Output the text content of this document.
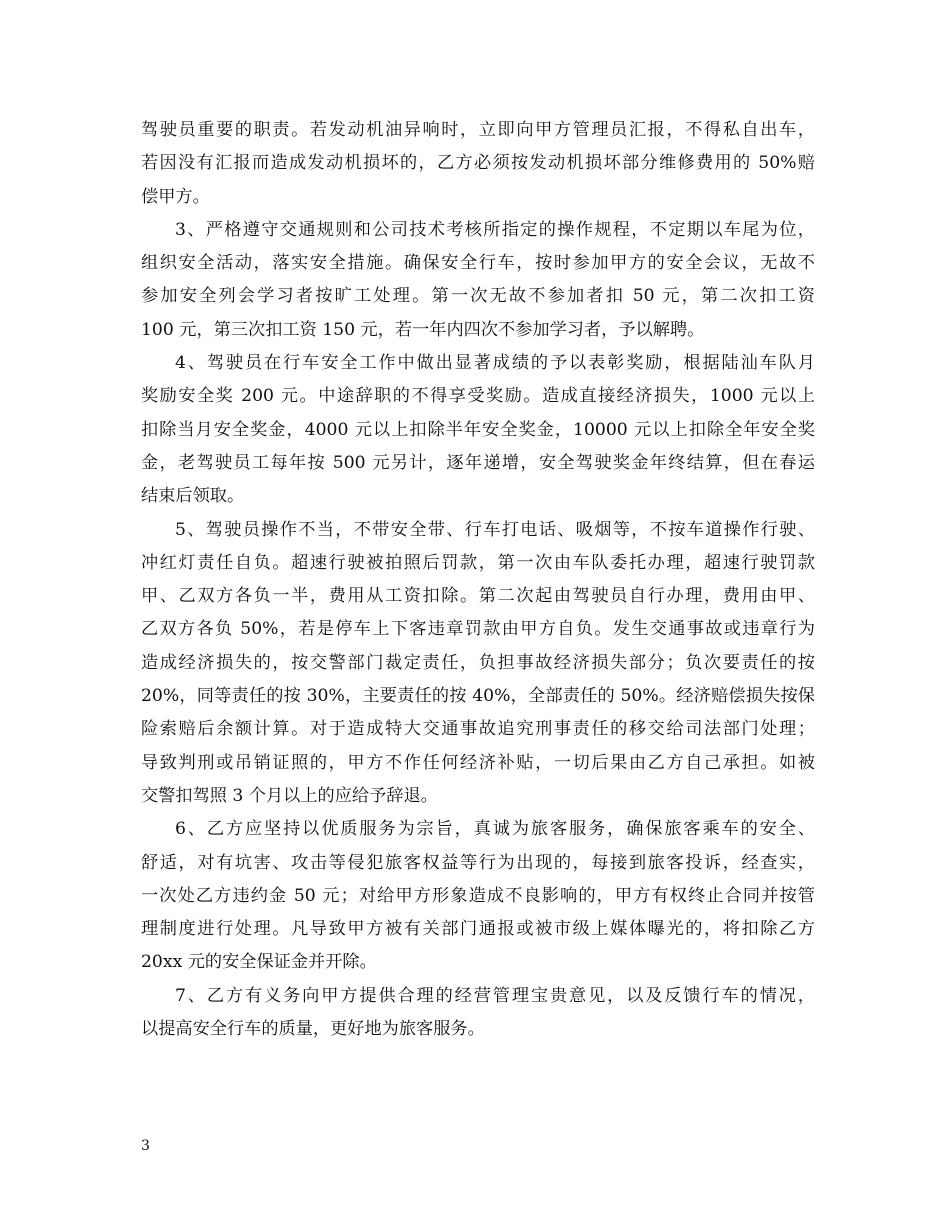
驾驶员重要的职责。若发动机油异响时，立即向甲方管理员汇报，不得私自出车，
若因没有汇报而造成发动机损坏的，乙方必须按发动机损坏部分维修费用的 50%赔
偿甲方。
3、严格遵守交通规则和公司技术考核所指定的操作规程，不定期以车尾为位，
组织安全活动，落实安全措施。确保安全行车，按时参加甲方的安全会议，无故不
参加安全列会学习者按旷工处理。第一次无故不参加者扣 50 元，第二次扣工资
100 元，第三次扣工资 150 元，若一年内四次不参加学习者，予以解聘。
4、驾驶员在行车安全工作中做出显著成绩的予以表彰奖励，根据陆汕车队月
奖励安全奖 200 元。中途辞职的不得享受奖励。造成直接经济损失，1000 元以上
扣除当月安全奖金，4000 元以上扣除半年安全奖金，10000 元以上扣除全年安全奖
金，老驾驶员工每年按 500 元另计，逐年递增，安全驾驶奖金年终结算，但在春运
结束后领取。
5、驾驶员操作不当，不带安全带、行车打电话、吸烟等，不按车道操作行驶、
冲红灯责任自负。超速行驶被拍照后罚款，第一次由车队委托办理，超速行驶罚款
甲、乙双方各负一半，费用从工资扣除。第二次起由驾驶员自行办理，费用由甲、
乙双方各负 50%，若是停车上下客违章罚款由甲方自负。发生交通事故或违章行为
造成经济损失的，按交警部门裁定责任，负担事故经济损失部分；负次要责任的按
20%，同等责任的按 30%，主要责任的按 40%，全部责任的 50%。经济赔偿损失按保
险索赔后余额计算。对于造成特大交通事故追究刑事责任的移交给司法部门处理；
导致判刑或吊销证照的，甲方不作任何经济补贴，一切后果由乙方自己承担。如被
交警扣驾照 3 个月以上的应给予辞退。
6、乙方应坚持以优质服务为宗旨，真诚为旅客服务，确保旅客乘车的安全、
舒适，对有坑害、攻击等侵犯旅客权益等行为出现的，每接到旅客投诉，经查实，
一次处乙方违约金 50 元；对给甲方形象造成不良影响的，甲方有权终止合同并按管
理制度进行处理。凡导致甲方被有关部门通报或被市级上媒体曝光的，将扣除乙方
20xx 元的安全保证金并开除。
7、乙方有义务向甲方提供合理的经营管理宝贵意见，以及反馈行车的情况，
以提高安全行车的质量，更好地为旅客服务。
3
